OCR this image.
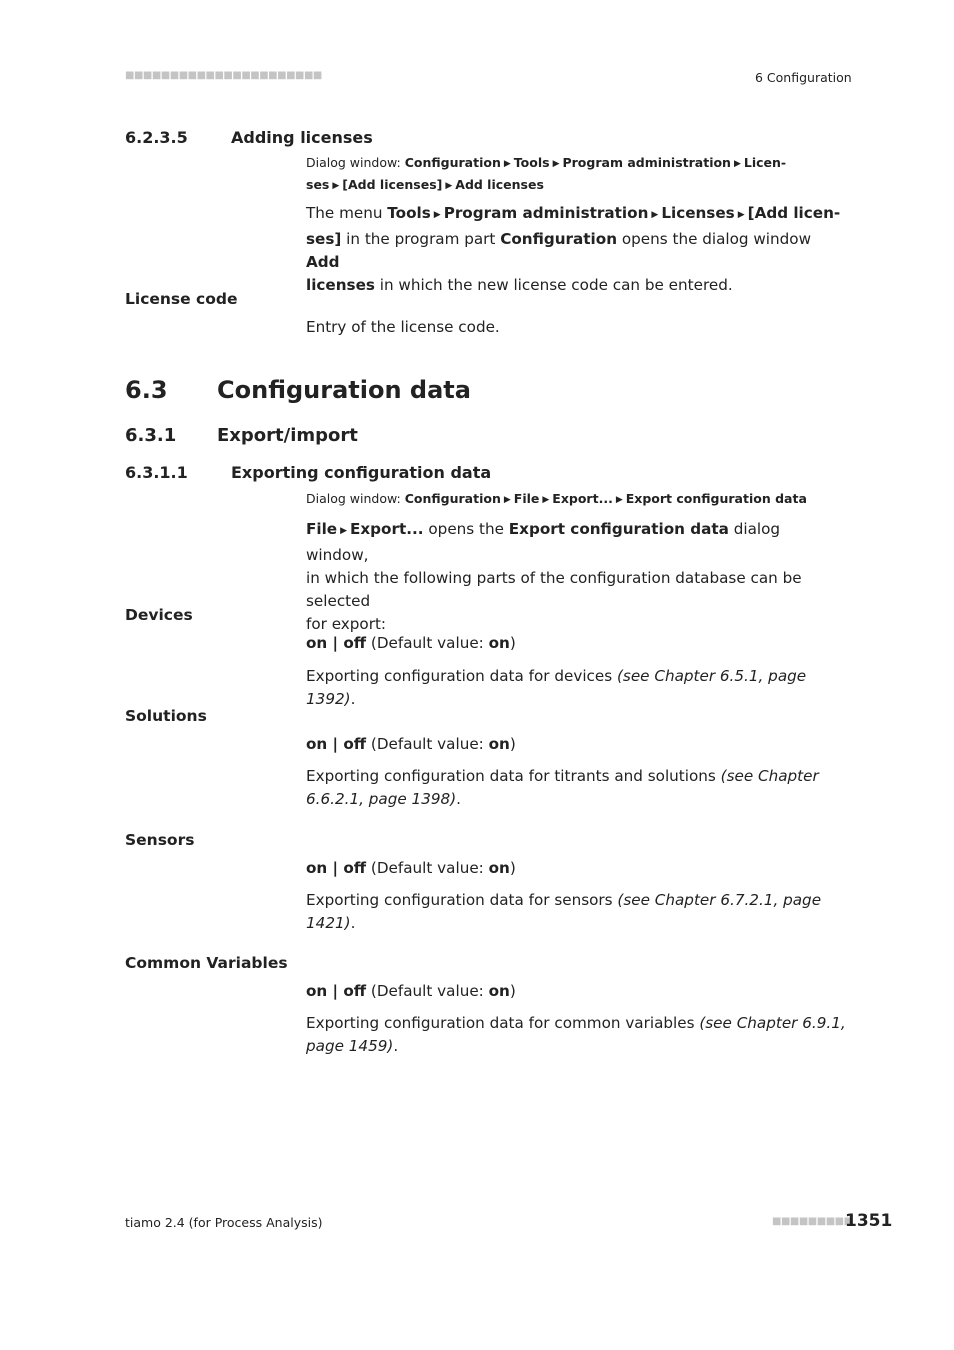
■■■■■■■■■■■■■■■■■■■■■■	6 Configuration
6.2.3.5	Adding licenses
Dialog window: Configuration ▶ Tools ▶ Program administration ▶ Licen-
ses ▶ [Add licenses] ▶ Add licenses
The menu Tools ▶ Program administration ▶ Licenses ▶ [Add licen-
ses] in the program part Configuration opens the dialog window Add
licenses in which the new license code can be entered.
License code
Entry of the license code.
6.3 Configuration data
6.3.1 Export/import
6.3.1.1	Exporting configuration data
Dialog window: Configuration ▶ File ▶ Export... ▶ Export configuration data
File ▶ Export... opens the Export configuration data dialog window,
in which the following parts of the configuration database can be selected
for export:
Devices
on | off (Default value: on)
Exporting configuration data for devices (see Chapter 6.5.1, page 1392).
Solutions
on | off (Default value: on)
Exporting configuration data for titrants and solutions (see Chapter
6.6.2.1, page 1398).
Sensors
on | off (Default value: on)
Exporting configuration data for sensors (see Chapter 6.7.2.1, page
1421).
Common Variables
on | off (Default value: on)
Exporting configuration data for common variables (see Chapter 6.9.1,
page 1459).
tiamo 2.4 (for Process Analysis)	■■■■■■■■■
1351
